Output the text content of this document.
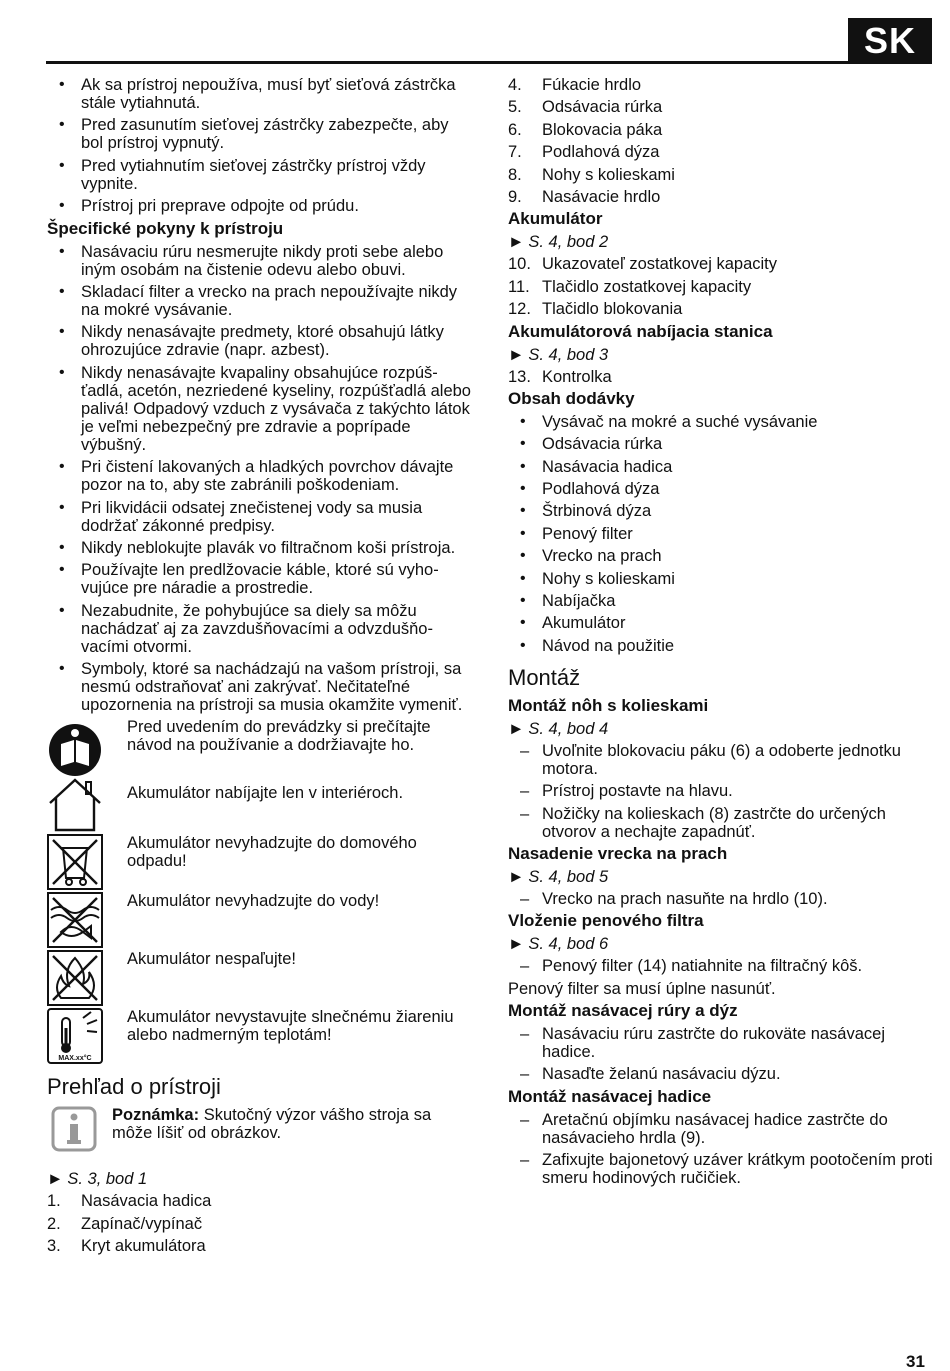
SK
• Ak sa prístroj nepoužíva, musí byť sieťová zástrčka stále vytiahnutá.
• Pred zasunutím sieťovej zástrčky zabezpečte, aby bol prístroj vypnutý.
• Pred vytiahnutím sieťovej zástrčky prístroj vždy vypnite.
• Prístroj pri preprave odpojte od prúdu.
Špecifické pokyny k prístroju
• Nasávaciu rúru nesmerujte nikdy proti sebe alebo iným osobám na čistenie odevu alebo obuvi.
• Skladací filter a vrecko na prach nepoužívajte nikdy na mokré vysávanie.
• Nikdy nenasávajte predmety, ktoré obsahujú látky ohrozujúce zdravie (napr. azbest).
• Nikdy nenasávajte kvapaliny obsahujúce rozpúšťadlá, acetón, nezriedené kyseliny, rozpúšťadlá alebo palivá! Odpadový vzduch z vysávača z takýchto látok je veľmi nebezpečný pre zdravie a poprípade výbušný.
• Pri čistení lakovaných a hladkých povrchov dávajte pozor na to, aby ste zabránili poškodeniam.
• Pri likvidácii odsatej znečistenej vody sa musia dodržať zákonné predpisy.
• Nikdy neblokujte plavák vo filtračnom koši prístroja.
• Používajte len predlžovacie káble, ktoré sú vyhovujúce pre náradie a prostredie.
• Nezabudnite, že pohybujúce sa diely sa môžu nachádzať aj za zavzdušňovacími a odvzdušňovacími otvormi.
• Symboly, ktoré sa nachádzajú na vašom prístroji, sa nesmú odstraňovať ani zakrývať. Nečitateľné upozornenia na prístroji sa musia okamžite vymeniť.
Pred uvedením do prevádzky si prečítajte návod na používanie a dodržiavajte ho.
Akumulátor nabíjajte len v interiéroch.
Akumulátor nevyhadzujte do domového odpadu!
Akumulátor nevyhadzujte do vody!
Akumulátor nespaľujte!
MAX.xx°C
Akumulátor nevystavujte slnečnému žiareniu alebo nadmerným teplotám!
Prehľad o prístroji
Poznámka: Skutočný výzor vášho stroja sa môže líšiť od obrázkov.
► S. 3, bod 1
1. Nasávacia hadica
2. Zapínač/vypínač
3. Kryt akumulátora
4. Fúkacie hrdlo
5. Odsávacia rúrka
6. Blokovacia páka
7. Podlahová dýza
8. Nohy s kolieskami
9. Nasávacie hrdlo
Akumulátor
► S. 4, bod 2
10. Ukazovateľ zostatkovej kapacity
11. Tlačidlo zostatkovej kapacity
12. Tlačidlo blokovania
Akumulátorová nabíjacia stanica
► S. 4, bod 3
13. Kontrolka
Obsah dodávky
• Vysávač na mokré a suché vysávanie
• Odsávacia rúrka
• Nasávacia hadica
• Podlahová dýza
• Štrbinová dýza
• Penový filter
• Vrecko na prach
• Nohy s kolieskami
• Nabíjačka
• Akumulátor
• Návod na použitie
Montáž
Montáž nôh s kolieskami
► S. 4, bod 4
– Uvoľnite blokovaciu páku (6) a odoberte jednotku motora.
– Prístroj postavte na hlavu.
– Nožičky na kolieskach (8) zastrčte do určených otvorov a nechajte zapadnúť.
Nasadenie vrecka na prach
► S. 4, bod 5
– Vrecko na prach nasuňte na hrdlo (10).
Vloženie penového filtra
► S. 4, bod 6
– Penový filter (14) natiahnite na filtračný kôš.
Penový filter sa musí úplne nasunúť.
Montáž nasávacej rúry a dýz
– Nasávaciu rúru zastrčte do rukoväte nasávacej hadice.
– Nasaďte želanú nasávaciu dýzu.
Montáž nasávacej hadice
– Aretačnú objímku nasávacej hadice zastrčte do nasávacieho hrdla (9).
– Zafixujte bajonetový uzáver krátkym pootočením proti smeru hodinových ručičiek.
31
